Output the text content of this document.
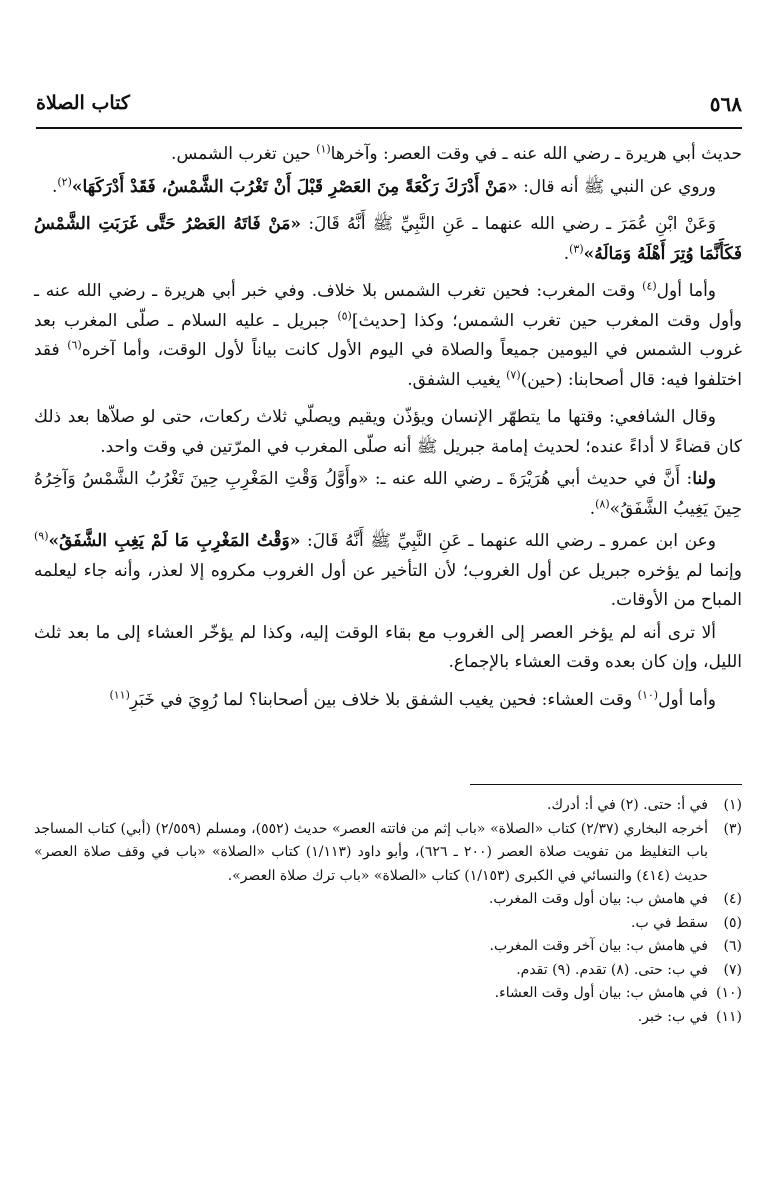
٥٦٨
كتاب الصلاة

حديث أبي هريرة ـ رضي الله عنه ـ في وقت العصر: وآخرها$^{(١)}$ حين تغرب الشمس.

وروي عن النبي ﷺ أنه قال: «مَنْ أَدْرَكَ رَكْعَةً مِنَ العَصْرِ قَبْلَ أَنْ تَغْرُبَ الشَّمْسُ، فَقَدْ أَدْرَكَهَا»$^{(٢)}$.

وَعَنْ ابْنِ عُمَرَ ـ رضي الله عنهما ـ عَنِ النَّبِيِّ ﷺ أَنَّهُ قَالَ: «مَنْ فَاتَهُ العَصْرُ حَتَّى غَرَبَتِ الشَّمْسُ فَكَأَنَّمَا وُتِرَ أَهْلَهُ وَمَالَهُ»$^{(٣)}$.

وأما أول$^{(٤)}$ وقت المغرب: فحين تغرب الشمس بلا خلاف. وفي خبر أبي هريرة ـ رضي الله عنه ـ وأول وقت المغرب حين تغرب الشمس؛ وكذا [حديث]$^{(٥)}$ جبريل ـ عليه السلام ـ صلّى المغرب بعد غروب الشمس في اليومين جميعاً والصلاة في اليوم الأول كانت بياناً لأول الوقت، وأما آخره$^{(٦)}$ فقد اختلفوا فيه: قال أصحابنا: (حين)$^{(٧)}$ يغيب الشفق.

وقال الشافعي: وقتها ما يتطهّر الإنسان ويؤذّن ويقيم ويصلّي ثلاث ركعات، حتى لو صلاّها بعد ذلك كان قضاءً لا أداءً عنده؛ لحديث إمامة جبريل ﷺ أنه صلّى المغرب في المرّتين في وقت واحد.

ولنا: أَنَّ في حديث أبي هُرَيْرَةَ ـ رضي الله عنه ـ: «وأَوَّلُ وَقْتِ المَغْرِبِ حِينَ تَغْرُبُ الشَّمْسُ وَآخِرُهُ حِينَ يَغِيبُ الشَّفَقُ»$^{(٨)}$.

وعن ابن عمرو ـ رضي الله عنهما ـ عَنِ النَّبِيِّ ﷺ أَنَّهُ قَالَ: «وَقْتُ المَغْرِبِ مَا لَمْ يَغِبِ الشَّفَقُ»$^{(٩)}$ وإنما لم يؤخره جبريل عن أول الغروب؛ لأن التأخير عن أول الغروب مكروه إلا لعذر، وأنه جاء ليعلمه المباح من الأوقات.

ألا ترى أنه لم يؤخر العصر إلى الغروب مع بقاء الوقت إليه، وكذا لم يؤخّر العشاء إلى ما بعد ثلث الليل، وإن كان بعده وقت العشاء بالإجماع.

وأما أول$^{(١٠)}$ وقت العشاء: فحين يغيب الشفق بلا خلاف بين أصحابنا؟ لما رُوِيَ في خَبَرِ$^{(١١)}$

(١)
في أ: حتى. (٢) في أ: أدرك.
(٣)
أخرجه البخاري (٢/٣٧) كتاب «الصلاة» «باب إثم من فاتته العصر» حديث (٥٥٢)، ومسلم (٢/٥٥٩) (أبي) كتاب المساجد باب التغليظ من تفويت صلاة العصر (٢٠٠ ـ ٦٢٦)، وأبو داود (١/١١٣) كتاب «الصلاة» «باب في وقف صلاة العصر» حديث (٤١٤) والنسائي في الكبرى (١/١٥٣) كتاب «الصلاة» «باب ترك صلاة العصر».
(٤)
في هامش ب: بيان أول وقت المغرب.
(٥)
سقط في ب.
(٦)
في هامش ب: بيان آخر وقت المغرب.
(٧)
في ب: حتى. (٨) تقدم. (٩) تقدم.
(١٠)
في هامش ب: بيان أول وقت العشاء.
(١١)
في ب: خبر.
